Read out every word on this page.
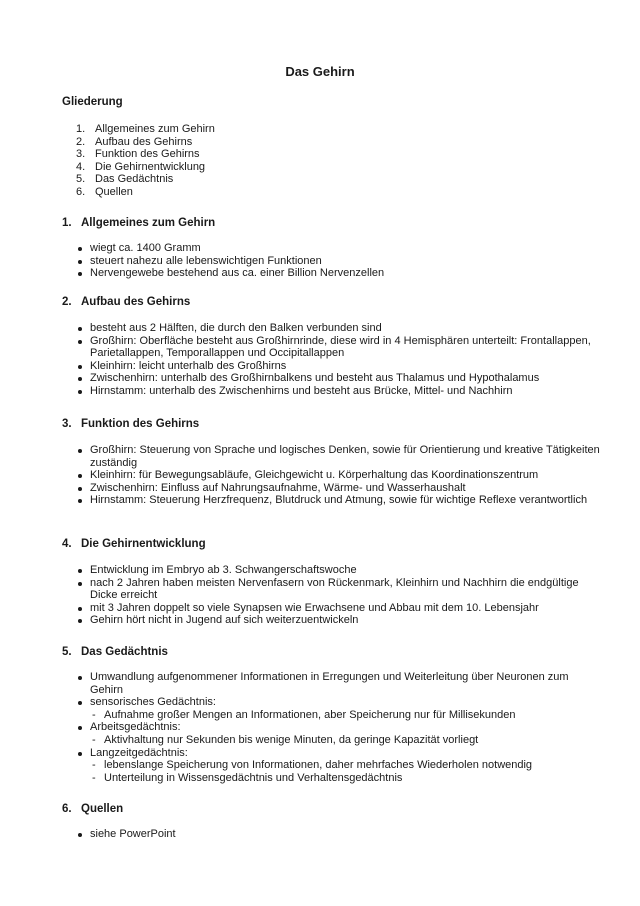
Das Gehirn
Gliederung
1. Allgemeines zum Gehirn
2. Aufbau des Gehirns
3. Funktion des Gehirns
4. Die Gehirnentwicklung
5. Das Gedächtnis
6. Quellen
1. Allgemeines zum Gehirn
wiegt ca. 1400 Gramm
steuert nahezu alle lebenswichtigen Funktionen
Nervengewebe bestehend aus ca. einer Billion Nervenzellen
2. Aufbau des Gehirns
besteht aus 2 Hälften, die durch den Balken verbunden sind
Großhirn: Oberfläche besteht aus Großhirnrinde, diese wird in 4 Hemisphären unterteilt: Frontallappen, Parietallappen, Temporallappen und Occipitallappen
Kleinhirn: leicht unterhalb des Großhirns
Zwischenhirn: unterhalb des Großhirnbalkens und besteht aus Thalamus und Hypothalamus
Hirnstamm: unterhalb des Zwischenhirns und besteht aus Brücke, Mittel- und Nachhirn
3. Funktion des Gehirns
Großhirn: Steuerung von Sprache und logisches Denken, sowie für Orientierung und kreative Tätigkeiten zuständig
Kleinhirn: für Bewegungsabläufe, Gleichgewicht u. Körperhaltung das Koordinationszentrum
Zwischenhirn: Einfluss auf Nahrungsaufnahme, Wärme- und Wasserhaushalt
Hirnstamm: Steuerung Herzfrequenz, Blutdruck und Atmung, sowie für wichtige Reflexe verantwortlich
4. Die Gehirnentwicklung
Entwicklung im Embryo ab 3. Schwangerschaftswoche
nach 2 Jahren haben meisten Nervenfasern von Rückenmark, Kleinhirn und Nachhirn die endgültige Dicke erreicht
mit 3 Jahren doppelt so viele Synapsen wie Erwachsene und Abbau mit dem 10. Lebensjahr
Gehirn hört nicht in Jugend auf sich weiterzuentwickeln
5. Das Gedächtnis
Umwandlung aufgenommener Informationen in Erregungen und Weiterleitung über Neuronen zum Gehirn
sensorisches Gedächtnis:
- Aufnahme großer Mengen an Informationen, aber Speicherung nur für Millisekunden
Arbeitsgedächtnis:
- Aktivhaltung nur Sekunden bis wenige Minuten, da geringe Kapazität vorliegt
Langzeitgedächtnis:
- lebenslange Speicherung von Informationen, daher mehrfaches Wiederholen notwendig
- Unterteilung in Wissensgedächtnis und Verhaltensgedächtnis
6. Quellen
siehe PowerPoint
